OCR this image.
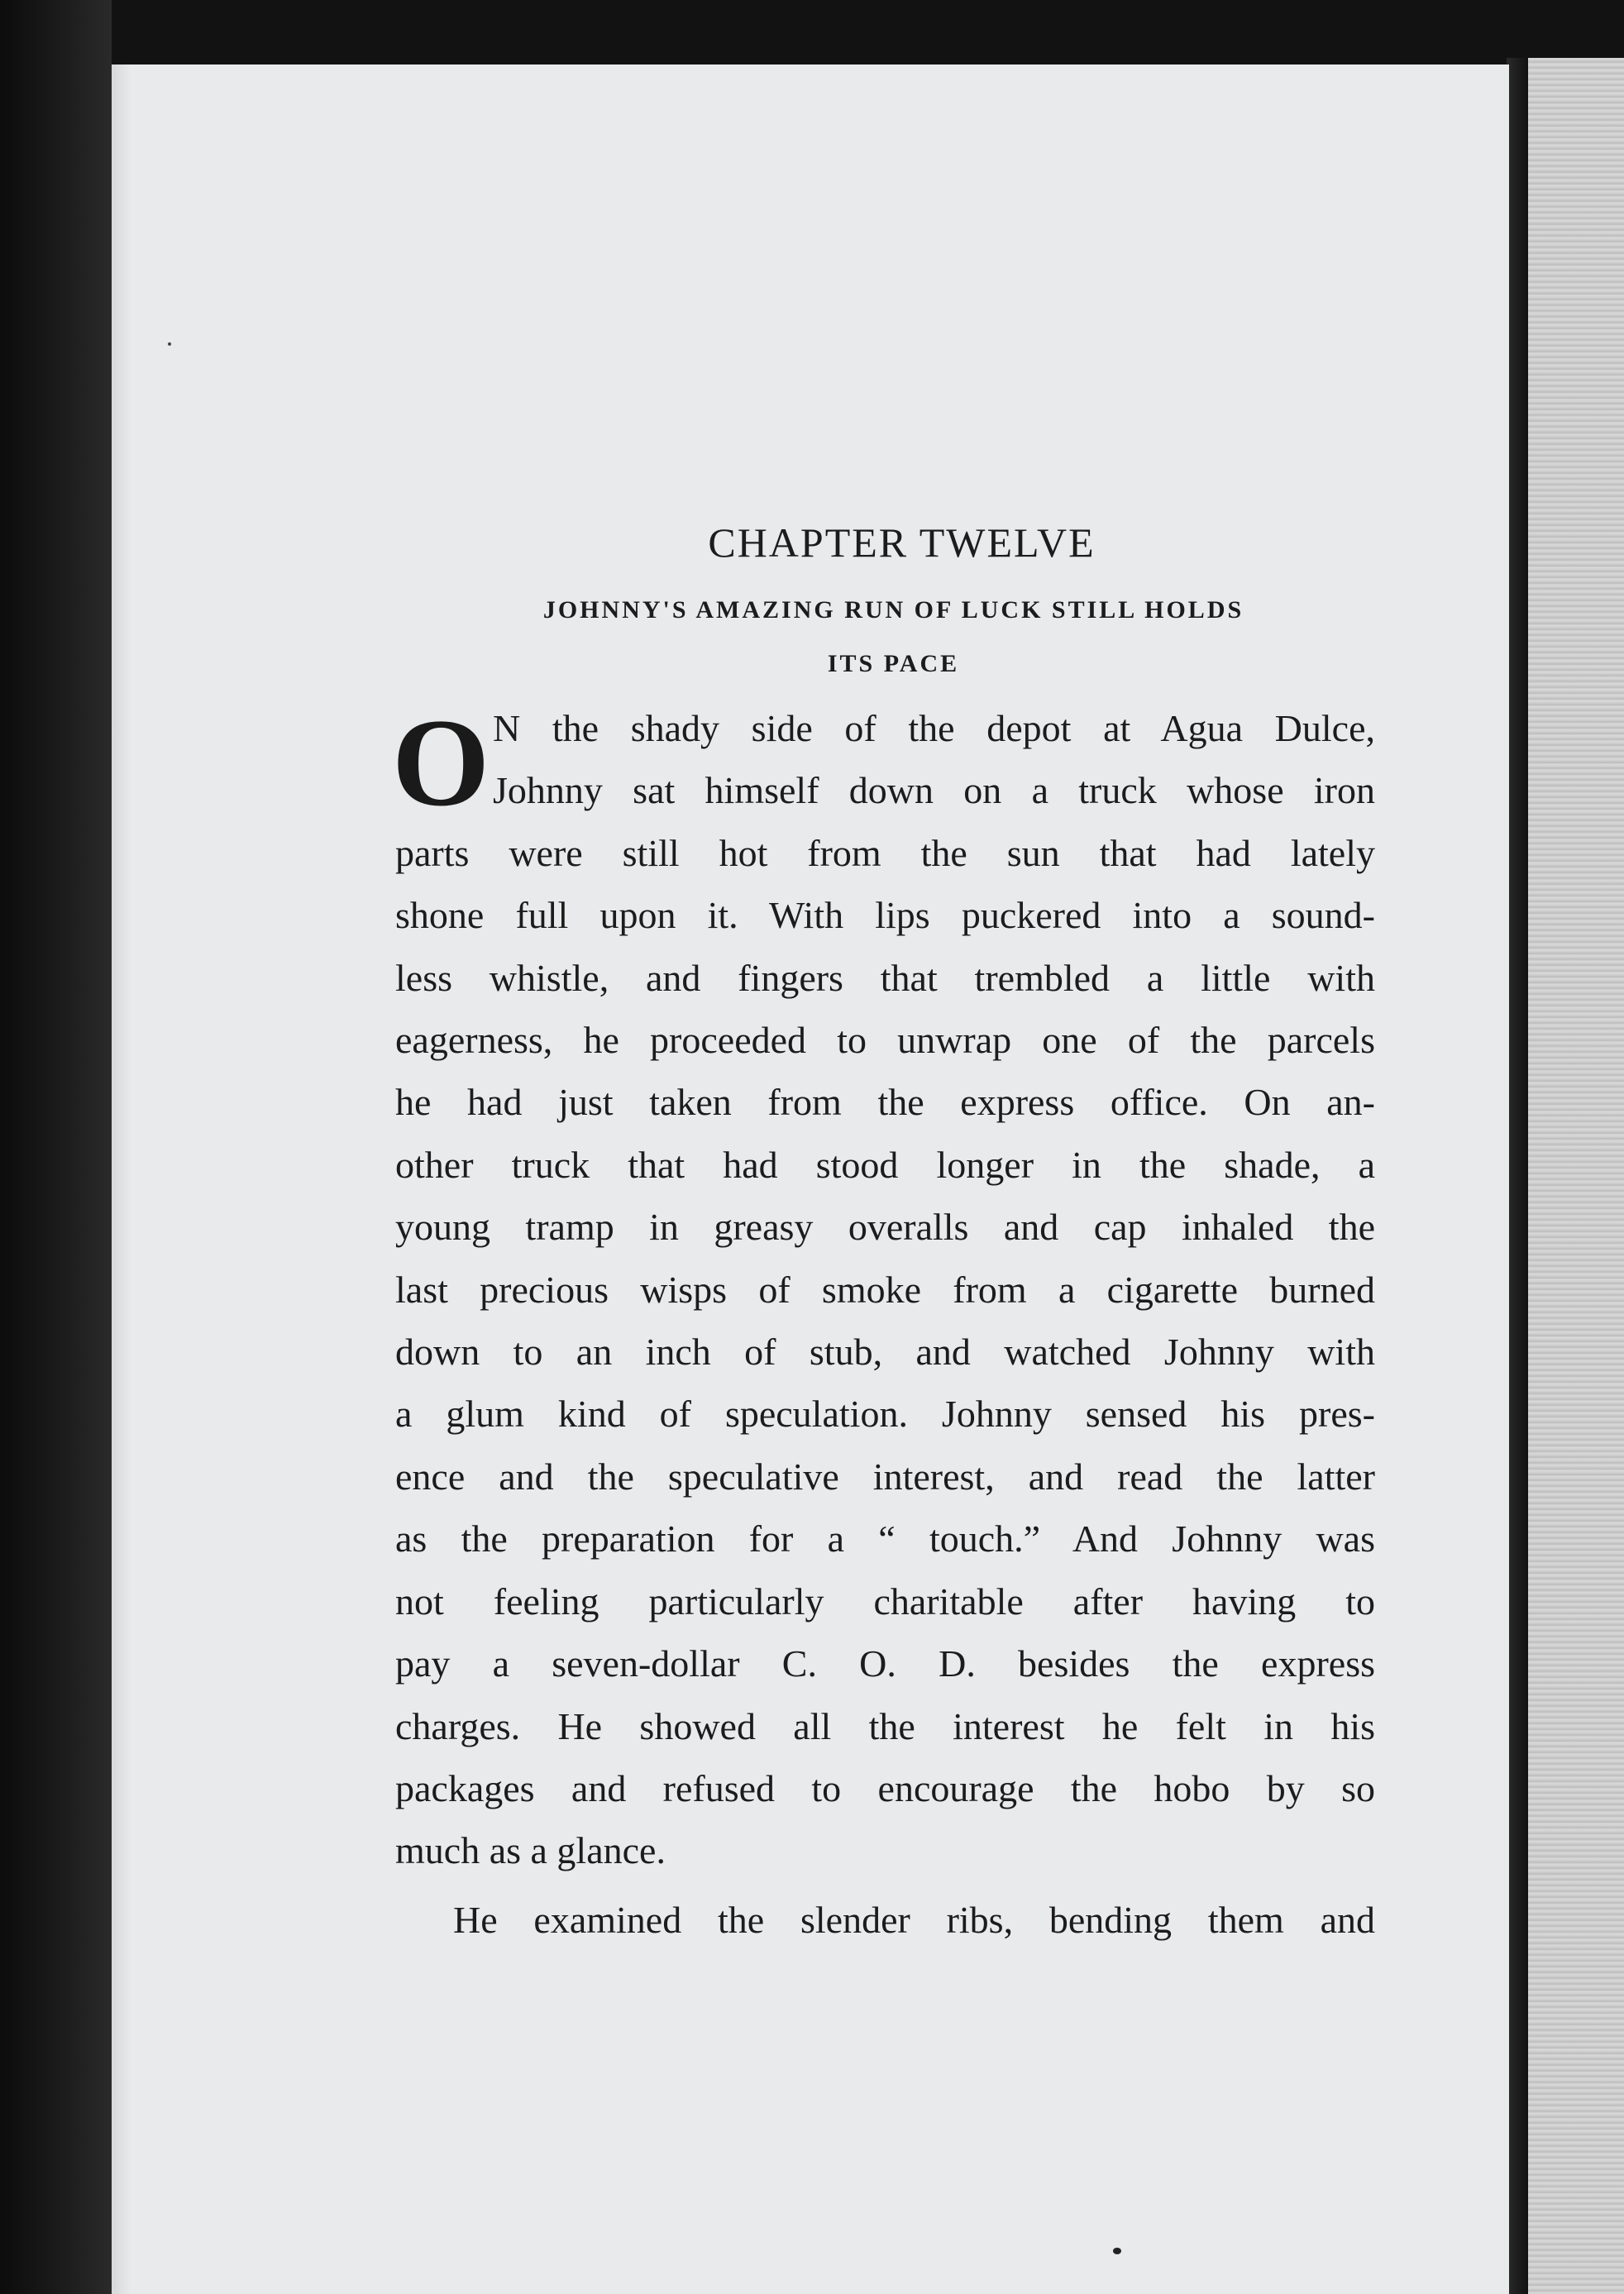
CHAPTER TWELVE
JOHNNY'S AMAZING RUN OF LUCK STILL HOLDS
ITS PACE
O N the shady side of the depot at Agua Dulce,
Johnny sat himself down on a truck whose iron
parts were still hot from the sun that had lately
shone full upon it. With lips puckered into a sound-
less whistle, and fingers that trembled a little with
eagerness, he proceeded to unwrap one of the parcels
he had just taken from the express office. On an-
other truck that had stood longer in the shade, a
young tramp in greasy overalls and cap inhaled the
last precious wisps of smoke from a cigarette burned
down to an inch of stub, and watched Johnny with
a glum kind of speculation. Johnny sensed his pres-
ence and the speculative interest, and read the latter
as the preparation for a “ touch.” And Johnny was
not feeling particularly charitable after having to
pay a seven-dollar C. O. D. besides the express
charges. He showed all the interest he felt in his
packages and refused to encourage the hobo by so
much as a glance.
He examined the slender ribs, bending them and
